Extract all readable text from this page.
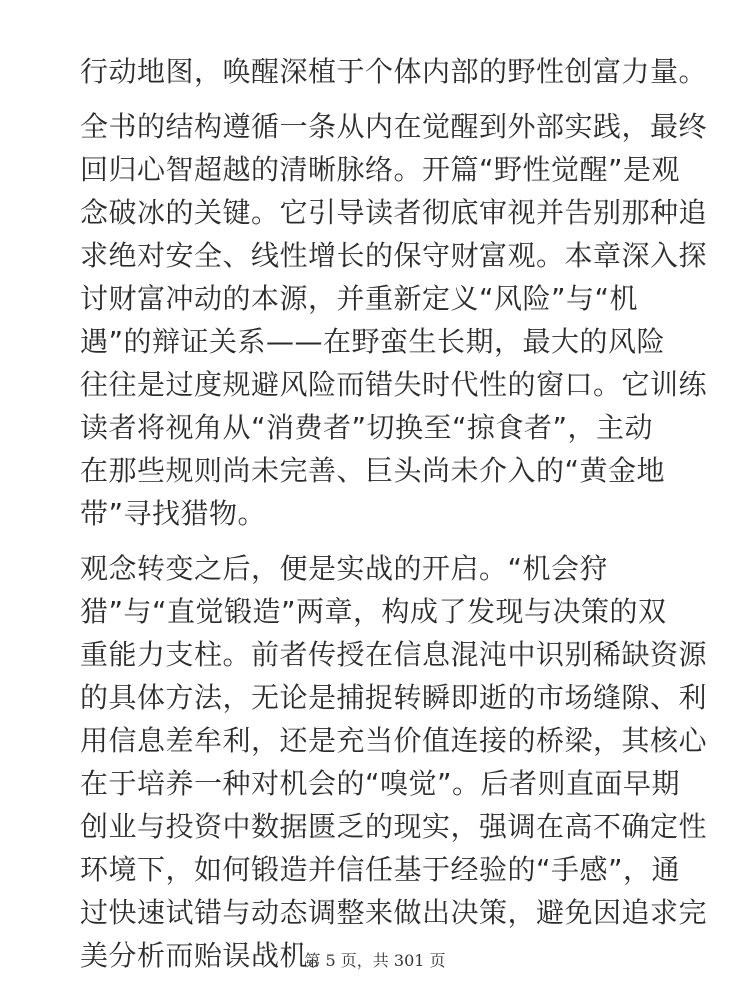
行动地图，唤醒深植于个体内部的野性创富力量。
全书的结构遵循一条从内在觉醒到外部实践，最终
回归心智超越的清晰脉络。开篇“野性觉醒”是观
念破冰的关键。它引导读者彻底审视并告别那种追
求绝对安全、线性增长的保守财富观。本章深入探
讨财富冲动的本源，并重新定义“风险”与“机
遇”的辩证关系——在野蛮生长期，最大的风险
往往是过度规避风险而错失时代性的窗口。它训练
读者将视角从“消费者”切换至“掠食者”，主动
在那些规则尚未完善、巨头尚未介入的“黄金地
带”寻找猎物。
观念转变之后，便是实战的开启。“机会狩
猎”与“直觉锻造”两章，构成了发现与决策的双
重能力支柱。前者传授在信息混沌中识别稀缺资源
的具体方法，无论是捕捉转瞬即逝的市场缝隙、利
用信息差牟利，还是充当价值连接的桥梁，其核心
在于培养一种对机会的“嗅觉”。后者则直面早期
创业与投资中数据匮乏的现实，强调在高不确定性
环境下，如何锻造并信任基于经验的“手感”，通
过快速试错与动态调整来做出决策，避免因追求完
美分析而贻误战机。
第 5 页，共 301 页
